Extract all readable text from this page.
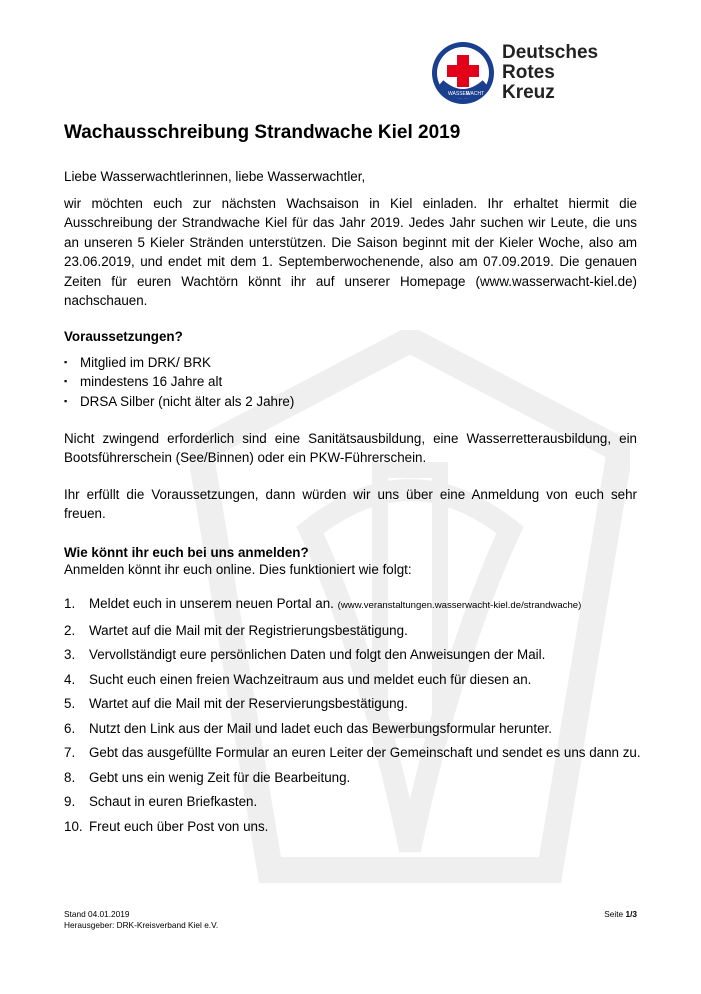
WASSER
WACHT
Deutsches
Rotes
Kreuz
Wachausschreibung Strandwache Kiel 2019

Liebe Wasserwachtlerinnen, liebe Wasserwachtler,

wir möchten euch zur nächsten Wachsaison in Kiel einladen. Ihr erhaltet hiermit die Ausschreibung der Strandwache Kiel für das Jahr 2019. Jedes Jahr suchen wir Leute, die uns an unseren 5 Kieler Stränden unterstützen. Die Saison beginnt mit der Kieler Woche, also am 23.06.2019, und endet mit dem 1. Septemberwochenende, also am 07.09.2019. Die genauen Zeiten für euren Wachtörn könnt ihr auf unserer Homepage (www.wasserwacht-kiel.de) nachschauen.

Voraussetzungen?

▪ Mitglied im DRK/ BRK
▪ mindestens 16 Jahre alt
▪ DRSA Silber (nicht älter als 2 Jahre)

Nicht zwingend erforderlich sind eine Sanitätsausbildung, eine Wasserretterausbildung, ein Bootsführerschein (See/Binnen) oder ein PKW-Führerschein.

Ihr erfüllt die Voraussetzungen, dann würden wir uns über eine Anmeldung von euch sehr freuen.

Wie könnt ihr euch bei uns anmelden?

Anmelden könnt ihr euch online. Dies funktioniert wie folgt:

1. Meldet euch in unserem neuen Portal an. (www.veranstaltungen.wasserwacht-kiel.de/strandwache)
2. Wartet auf die Mail mit der Registrierungsbestätigung.
3. Vervollständigt eure persönlichen Daten und folgt den Anweisungen der Mail.
4. Sucht euch einen freien Wachzeitraum aus und meldet euch für diesen an.
5. Wartet auf die Mail mit der Reservierungsbestätigung.
6. Nutzt den Link aus der Mail und ladet euch das Bewerbungsformular herunter.
7. Gebt das ausgefüllte Formular an euren Leiter der Gemeinschaft und sendet es uns dann zu.
8. Gebt uns ein wenig Zeit für die Bearbeitung.
9. Schaut in euren Briefkasten.
10. Freut euch über Post von uns.
Stand 04.01.2019
Herausgeber: DRK-Kreisverband Kiel e.V.
Seite 1/3
